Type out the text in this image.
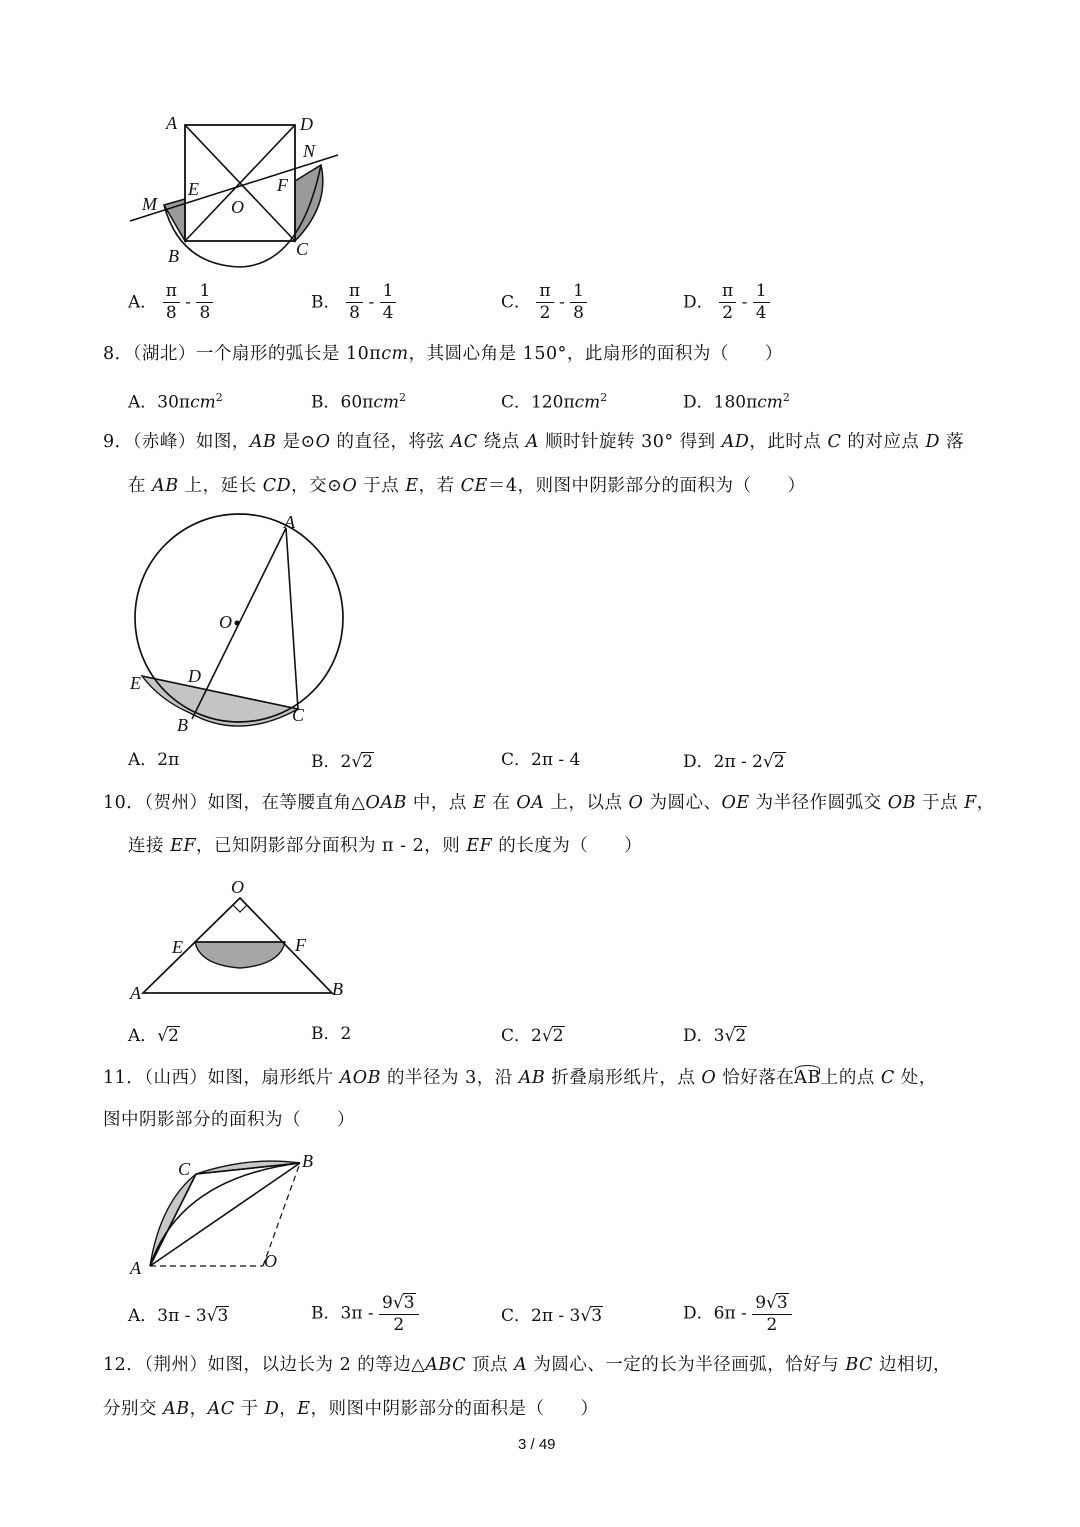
A	D
N
M
E
O
F
B	C
A． $\frac{\pi}{8} - \frac{1}{8}$	B． $\frac{\pi}{8} - \frac{1}{4}$	C． $\frac{\pi}{2} - \frac{1}{8}$	D． $\frac{\pi}{2} - \frac{1}{4}$
8．（湖北）一个扇形的弧长是 10πcm，其圆心角是 150°，此扇形的面积为（　　）
A．30πcm$^2$	B．60πcm$^2$	C．120πcm$^2$	D．180πcm$^2$
9．（赤峰）如图，AB 是⊙O 的直径，将弦 AC 绕点 A 顺时针旋转 30° 得到 AD，此时点 C 的对应点 D 落
在 AB 上，延长 CD，交⊙O 于点 E，若 CE＝4，则图中阴影部分的面积为（　　）
A
O
D
E
B	C
A．2π	B．2√2	C．2π - 4	D．2π - 2√2
10．（贺州）如图，在等腰直角△OAB 中，点 E 在 OA 上，以点 O 为圆心、OE 为半径作圆弧交 OB 于点 F，
连接 EF，已知阴影部分面积为 π - 2，则 EF 的长度为（　　）
O
E	F
A	B
A．√2	B．2	C．2√2	D．3√2
11．（山西）如图，扇形纸片 AOB 的半径为 3，沿 AB 折叠扇形纸片，点 O 恰好落在AB上的点 C 处，
图中阴影部分的面积为（　　）
C	B
A	O
A．3π - 3√3	B．$3\pi - \frac{9√3}{2}$	C．2π - 3√3	D．$6\pi - \frac{9√3}{2}$
12．（荆州）如图，以边长为 2 的等边△ABC 顶点 A 为圆心、一定的长为半径画弧，恰好与 BC 边相切，
分别交 AB，AC 于 D，E，则图中阴影部分的面积是（　　）
3 / 49
